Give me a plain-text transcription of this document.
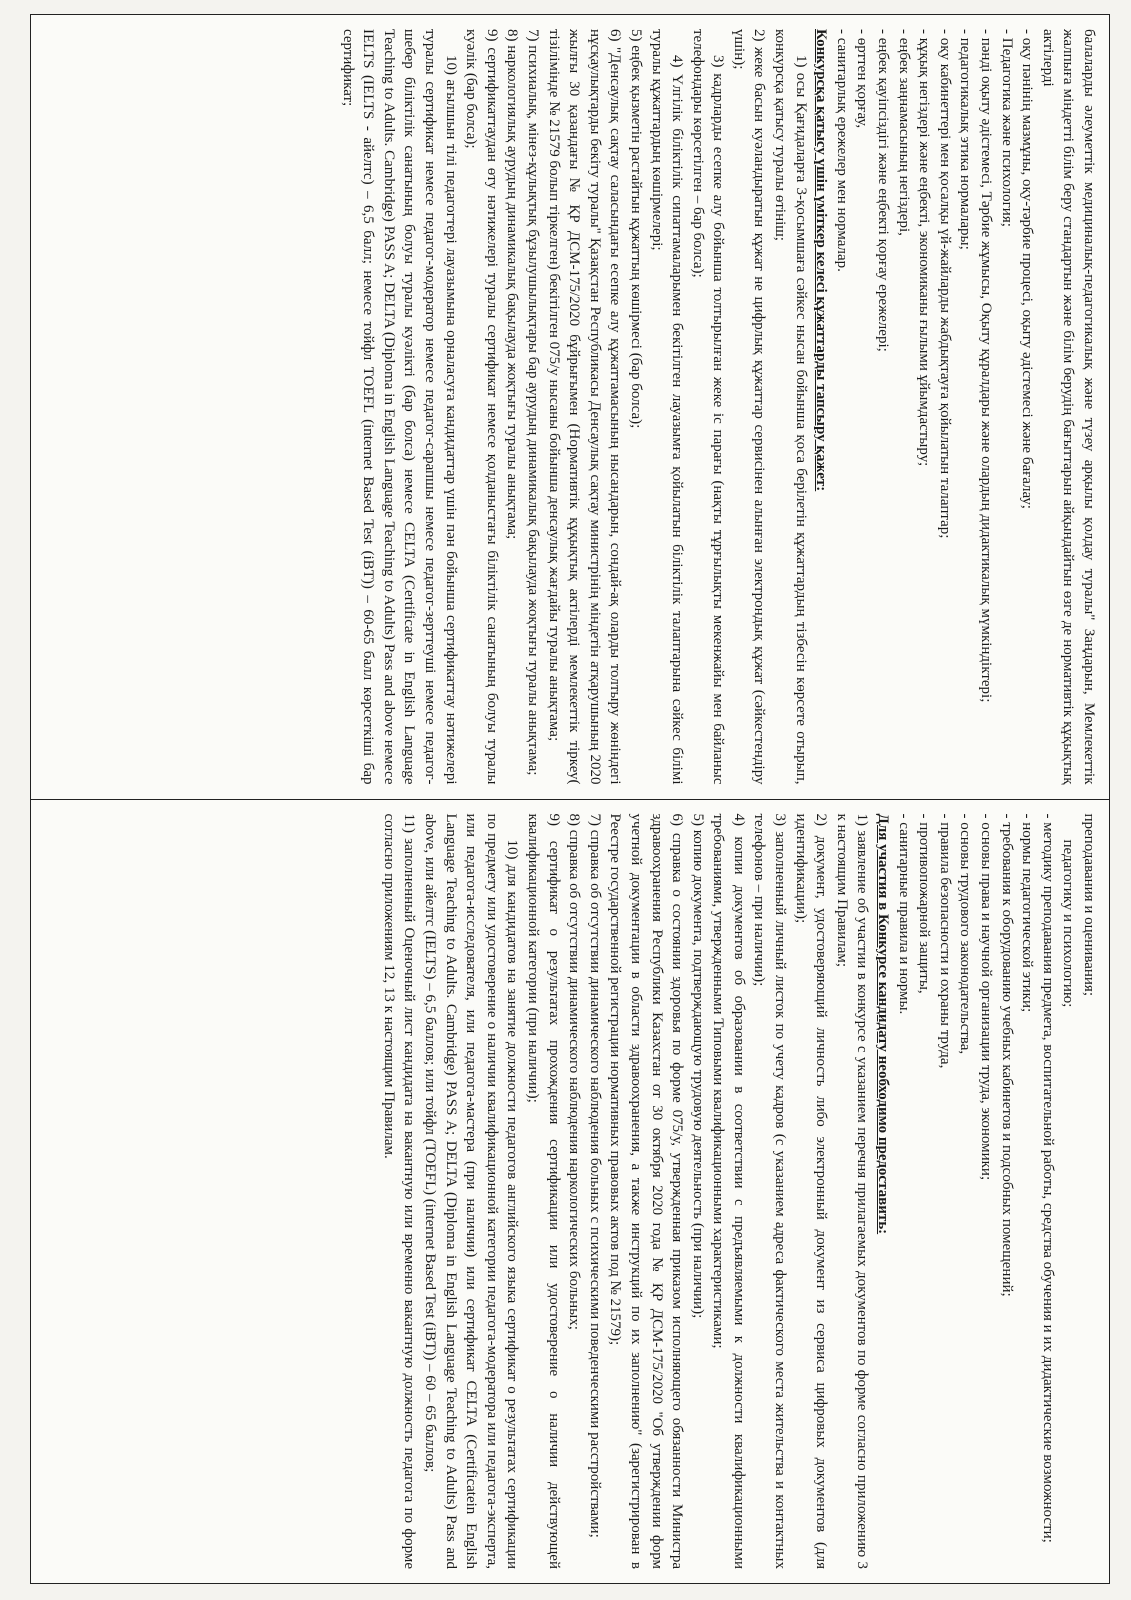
балаларды әлеуметтік медициналық-педагогикалық және түзеу арқылы қолдау туралы" Заңдарын, Мемлекеттік жалпыға міндетті білім беру стандартын және білім берудің бағыттарын айқындайтын өзге де нормативтік құқықтық актілерді

- оқу пәнінің мазмұны, оқу-тәрбие процесі, оқыту әдістемесі және бағалау;

- Педагогика және психология;

- пәнді оқыту әдістемесі, Тәрбие жұмысы, Оқыту құралдары және олардың дидактикалық мүмкіндіктері;

- педагогикалық этика нормалары;

- оқу кабинеттері мен қосалқы үй-жайларды жабдықтауға қойылатын талаптар;

- құқық негіздері және еңбекті, экономиканы ғылыми ұйымдастыру;

- еңбек заңнамасының негіздері,

- еңбек қауіпсіздігі және еңбекті қорғау ережелері;

- өрттен қорғау,

- санитарлық ережелер мен нормалар.

Конкурсқа қатысу үшін үміткер келесі құжаттарды тапсыру қажет:

1) осы Қағидаларға 3-қосымшаға сәйкес нысан бойынша қоса берілетін құжаттардың тізбесін көрсете отырып, конкурсқа қатысу туралы өтініш;

2) жеке басын куәландыратын құжат не цифрлық құжаттар сервисінен алынған электрондық құжат (сәйкестендіру үшін);

3) кадрларды есепке алу бойынша толтырылған жеке іс парағы (нақты тұрғылықты мекенжайы мен байланыс телефондары көрсетілген – бар болса);

4) Үлгілік біліктілік сипаттамаларымен бекітілген лауазымға қойылатын біліктілік талаптарына сәйкес білімі туралы құжаттардың көшірмелері;

5) еңбек қызметін растайтын құжаттың көшірмесі (бар болса);

6) "Денсаулық сақтау саласындағы есепке алу құжаттамасының нысандарын, сондай-ақ оларды толтыру жөніндегі нұсқаулықтарды бекіту туралы" Қазақстан Республикасы Денсаулық сақтау министрінің міндетін атқарушының 2020 жылғы 30 қазандағы № ҚР ДСМ-175/2020 бұйрығымен (Нормативтік құқықтық актілерді мемлекеттік тіркеу( тізілімінде № 21579 болып тіркелген) бекітілген 075/у нысаны бойынша денсаулық жағдайы туралы анықтама;

7) психиалық, мінез-құлықтық бұзылушылықтары бар аурудың динамикалық бақылауда жоқтығы туралы анықтама;

8) наркологиялық аурудың динамикалық бақылауда жоқтығы туралы анықтама;

9) сертификаттаудан өту нәтижелері туралы сертификат немесе қолданыстағы біліктілік санатының болуы туралы куәлік (бар болса);

10) ағылшын тілі педагогтері лауазымына орналасуға кандидаттар үшін пән бойынша сертификаттау нәтижелері туралы сертификат немесе педагог-модератор немесе педагог-сарапшы немесе педагог-зерттеуші немесе педагог-шебер біліктілік санатының болуы туралы куәлікті (бар болса) немесе CELTA (Certificate in English Language Teaching to Adults. Cambridge) PASS A; DELTA (Diploma in English Language Teaching to Adults) Pass and above немесе IELTS (IELTS - айелтс) – 6,5 балл; немесе тойфл TOEFL (internet Based Test (iBT)) – 60-65 балл көрсеткіші бар сертификат;

преподавания и оценивания;

педагогику и психологию;

- методику преподавания предмета, воспитательной работы, средства обучения и их дидактические возможности;

- нормы педагогической этики;

- требования к оборудованию учебных кабинетов и подсобных помещений;

- основы права и научной организации труда, экономики;

- основы трудового законодательства,

- правила безопасности и охраны труда,

- противопожарной защиты,

- санитарные правила и нормы.

Для участия в Конкурсе кандидату необходимо предоставить:

1) заявление об участии в конкурсе с указанием перечня прилагаемых документов по форме согласно приложению 3 к настоящим Правилам;

2) документ, удостоверяющий личность либо электронный документ из сервиса цифровых документов (для идентификации);

3) заполненный личный листок по учету кадров (с указанием адреса фактического места жительства и контактных телефонов – при наличии);

4) копии документов об образовании в соответствии с предъявляемыми к должности квалификационными требованиями, утвержденными Типовыми квалификационными характеристиками;

5) копию документа, подтверждающую трудовую деятельность (при наличии);

6) справка о состоянии здоровья по форме 075/у, утвержденная приказом исполняющего обязанности Министра здравоохранения Республики Казахстан от 30 октября 2020 года № ҚР ДСМ-175/2020 "Об утверждении форм учетной документации в области здравоохранения, а также инструкций по их заполнению" (зарегистрирован в Реестре государственной регистрации нормативных правовых актов под № 21579);

7) справка об отсутствии динамического наблюдения больных с психическими поведенческими расстройствами;

8) справка об отсутствии динамического наблюдения наркологических больных;

9) сертификат о результатах прохождения сертификации или удостоверение о наличии действующей квалификационной категории (при наличии);

10) для кандидатов на занятие должности педагогов английского языка сертификат о результатах сертификации по предмету или удостоверение о наличии квалификационной категории педагога-модератора или педагога-эксперта, или педагога-исследователя, или педагога-мастера (при наличии) или сертификат CELTA (Certificatein English Language Teaching to Adults. Cambridge) PASS A; DELTA (Diploma in English Language Teaching to Adults) Pass and above, или айелтс (IELTS) – 6,5 баллов; или тойфл (TOEFL) (internet Based Test (iBT)) – 60 – 65 баллов;

11) заполненный Оценочный лист кандидата на вакантную или временно вакантную должность педагога по форме согласно приложениям 12, 13 к настоящим Правилам.
